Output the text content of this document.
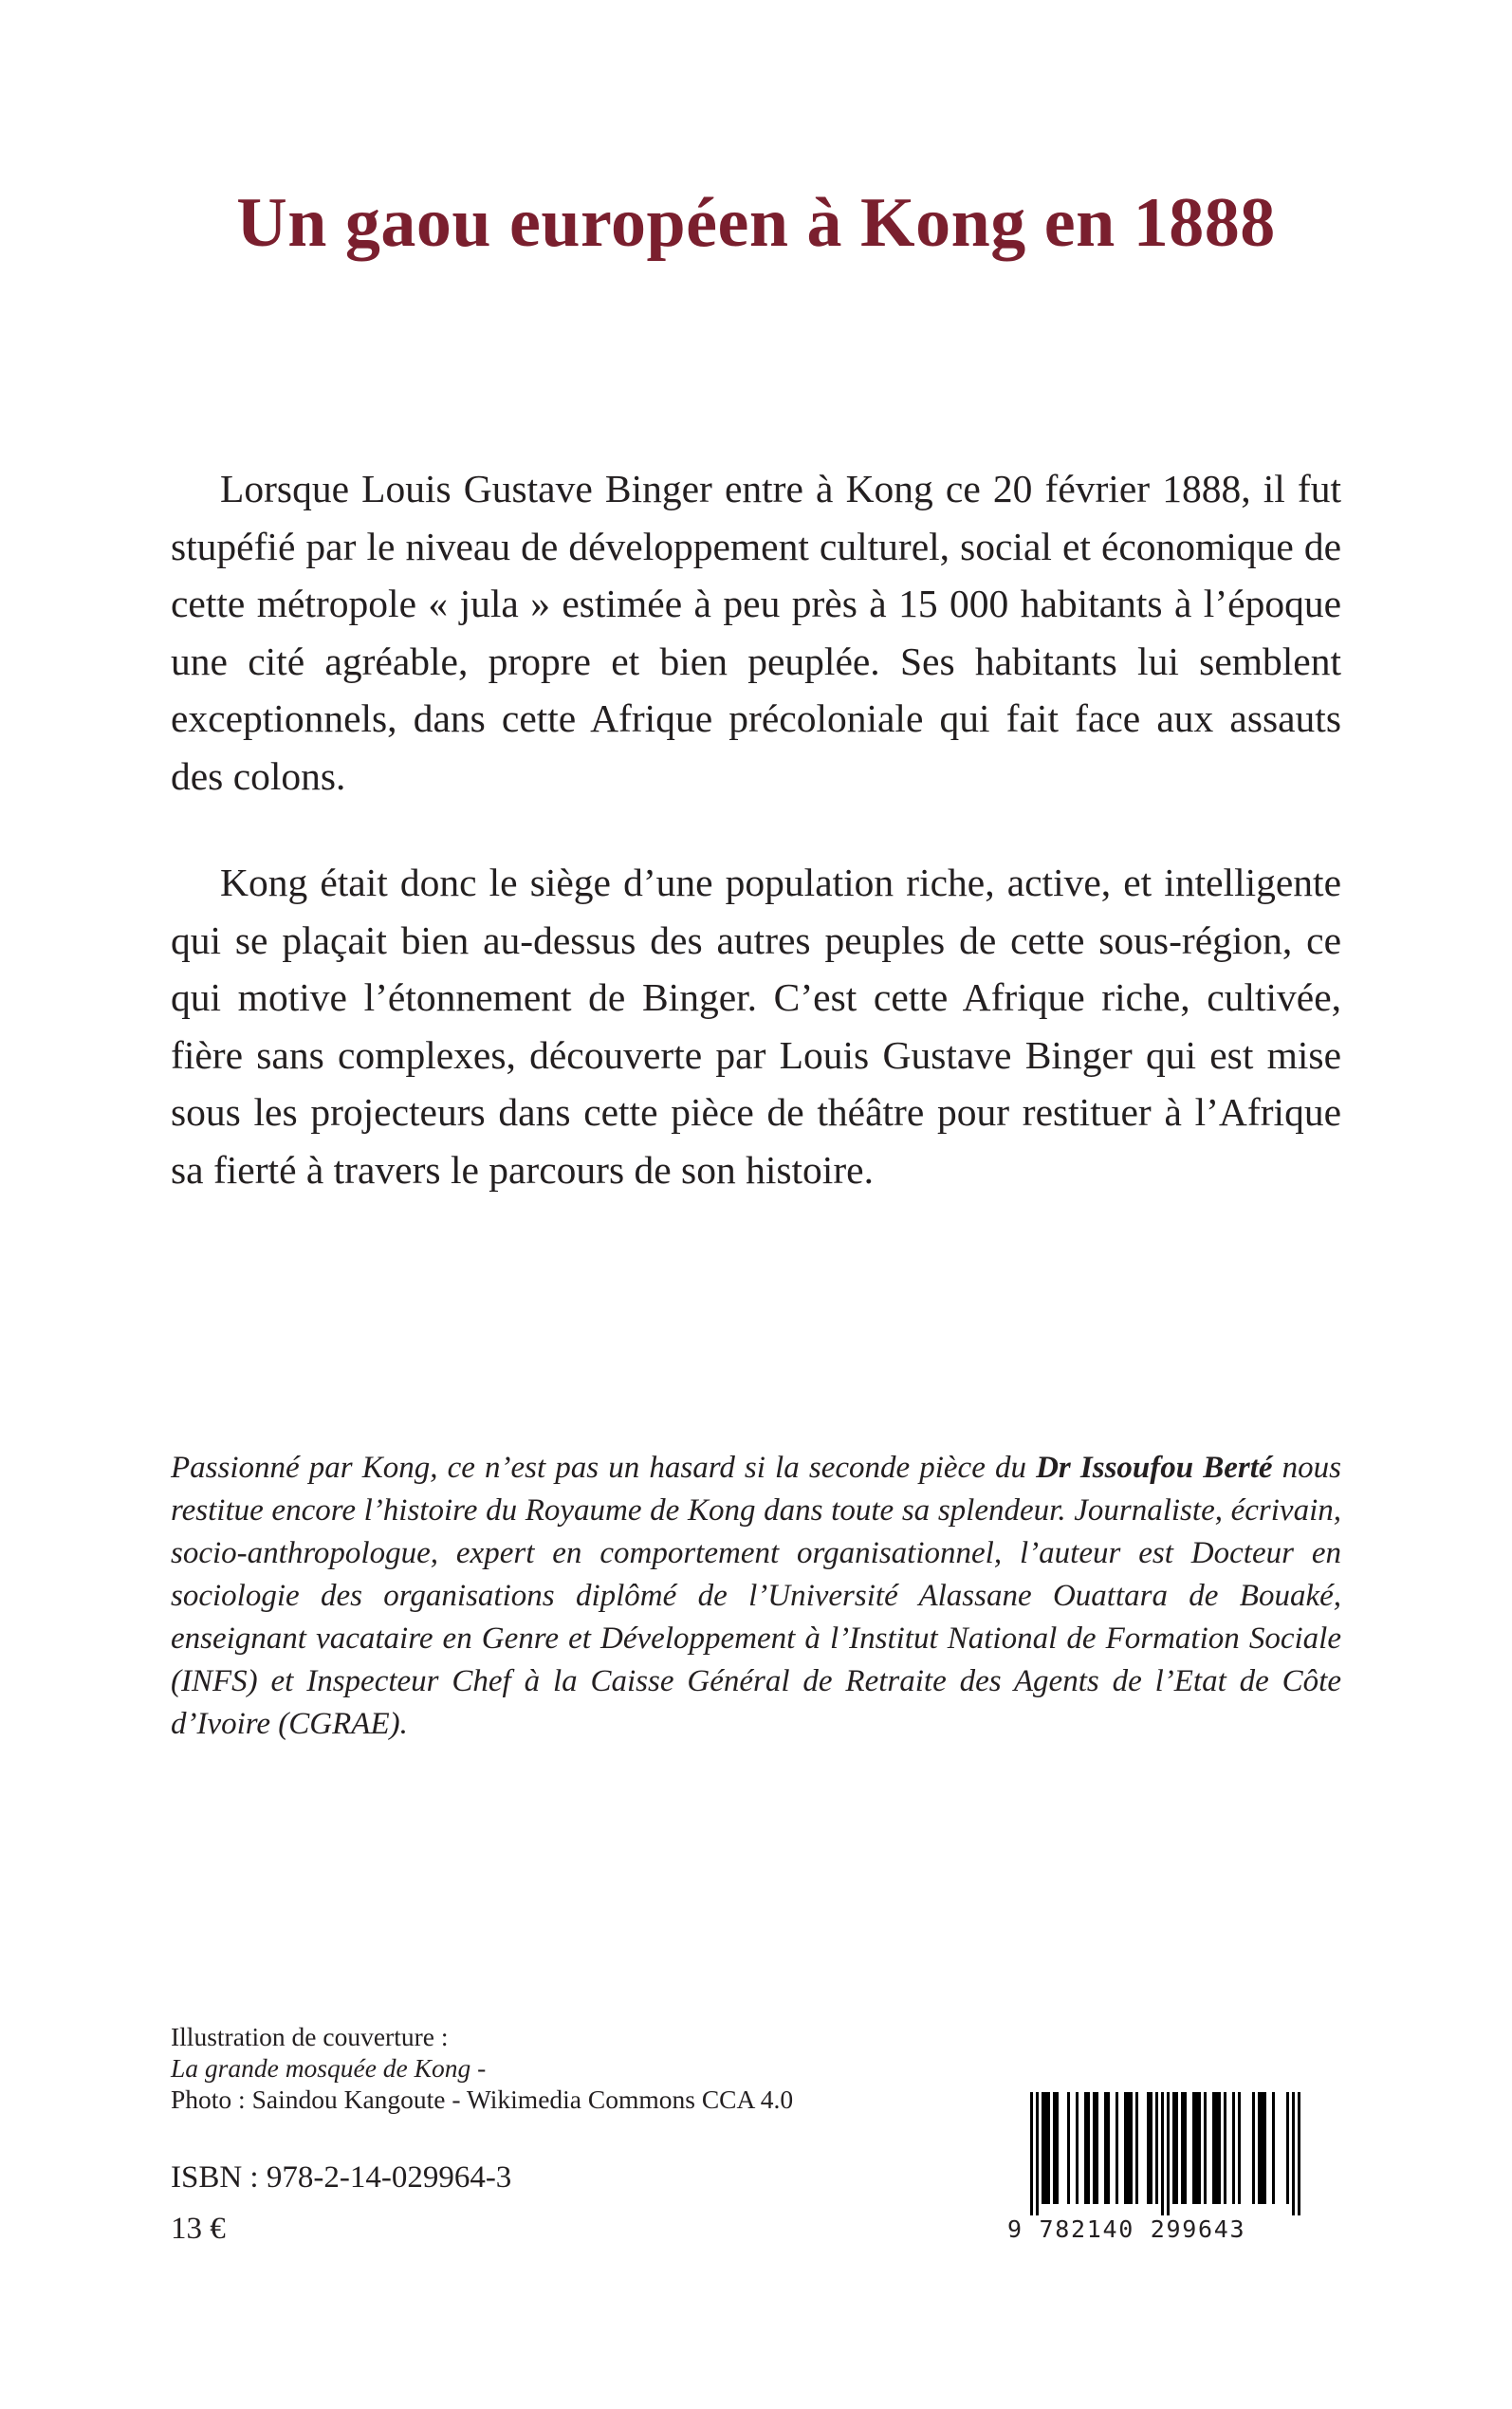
Un gaou européen à Kong en 1888

Lorsque Louis Gustave Binger entre à Kong ce 20 février 1888, il fut stupéfié par le niveau de développement culturel, social et économique de cette métropole « jula » estimée à peu près à 15 000 habitants à l’époque une cité agréable, propre et bien peuplée. Ses habitants lui semblent exceptionnels, dans cette Afrique précoloniale qui fait face aux assauts des colons.

Kong était donc le siège d’une population riche, active, et intelligente qui se plaçait bien au-dessus des autres peuples de cette sous-région, ce qui motive l’étonnement de Binger. C’est cette Afrique riche, cultivée, fière sans complexes, découverte par Louis Gustave Binger qui est mise sous les projecteurs dans cette pièce de théâtre pour restituer à l’Afrique sa fierté à travers le parcours de son histoire.

Passionné par Kong, ce n’est pas un hasard si la seconde pièce du Dr Issoufou Berté nous restitue encore l’histoire du Royaume de Kong dans toute sa splendeur. Journaliste, écrivain, socio-anthropologue, expert en comportement organisationnel, l’auteur est Docteur en sociologie des organisations diplômé de l’Université Alassane Ouattara de Bouaké, enseignant vacataire en Genre et Développement à l’Institut National de Formation Sociale (INFS) et Inspecteur Chef à la Caisse Général de Retraite des Agents de l’Etat de Côte d’Ivoire (CGRAE).

Illustration de couverture :
La grande mosquée de Kong -
Photo : Saindou Kangoute - Wikimedia Commons CCA 4.0
ISBN : 978-2-14-029964-3
13 €	9 782140 299643
